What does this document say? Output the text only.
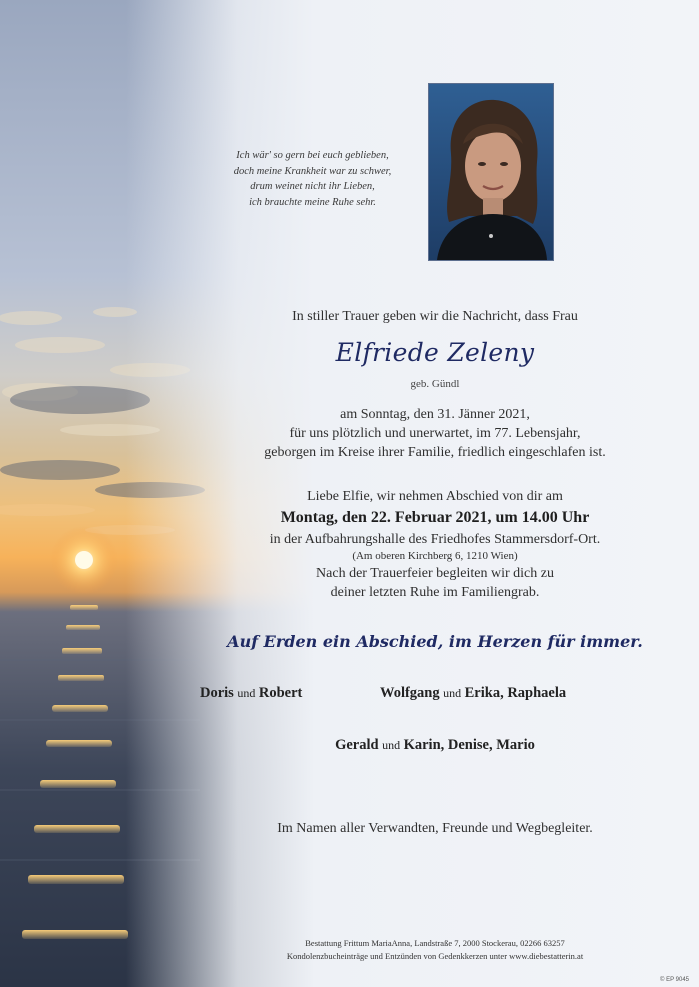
Ich wär' so gern bei euch geblieben,
doch meine Krankheit war zu schwer,
drum weinet nicht ihr Lieben,
ich brauchte meine Ruhe sehr.
In stiller Trauer geben wir die Nachricht, dass Frau
Elfriede Zeleny
geb. Gündl
am Sonntag, den 31. Jänner 2021,
für uns plötzlich und unerwartet, im 77. Lebensjahr,
geborgen im Kreise ihrer Familie, friedlich eingeschlafen ist.
Liebe Elfie, wir nehmen Abschied von dir am
Montag, den 22. Februar 2021, um 14.00 Uhr
in der Aufbahrungshalle des Friedhofes Stammersdorf-Ort.
(Am oberen Kirchberg 6, 1210 Wien)
Nach der Trauerfeier begleiten wir dich zu
deiner letzten Ruhe im Familiengrab.
Auf Erden ein Abschied, im Herzen für immer.
Doris und Robert	Wolfgang und Erika, Raphaela
Gerald und Karin, Denise, Mario
Im Namen aller Verwandten, Freunde und Wegbegleiter.
Bestattung Frittum MariaAnna, Landstraße 7, 2000 Stockerau, 02266 63257
Kondolenzbucheinträge und Entzünden von Gedenkkerzen unter www.diebestatterin.at
© EP 9045
